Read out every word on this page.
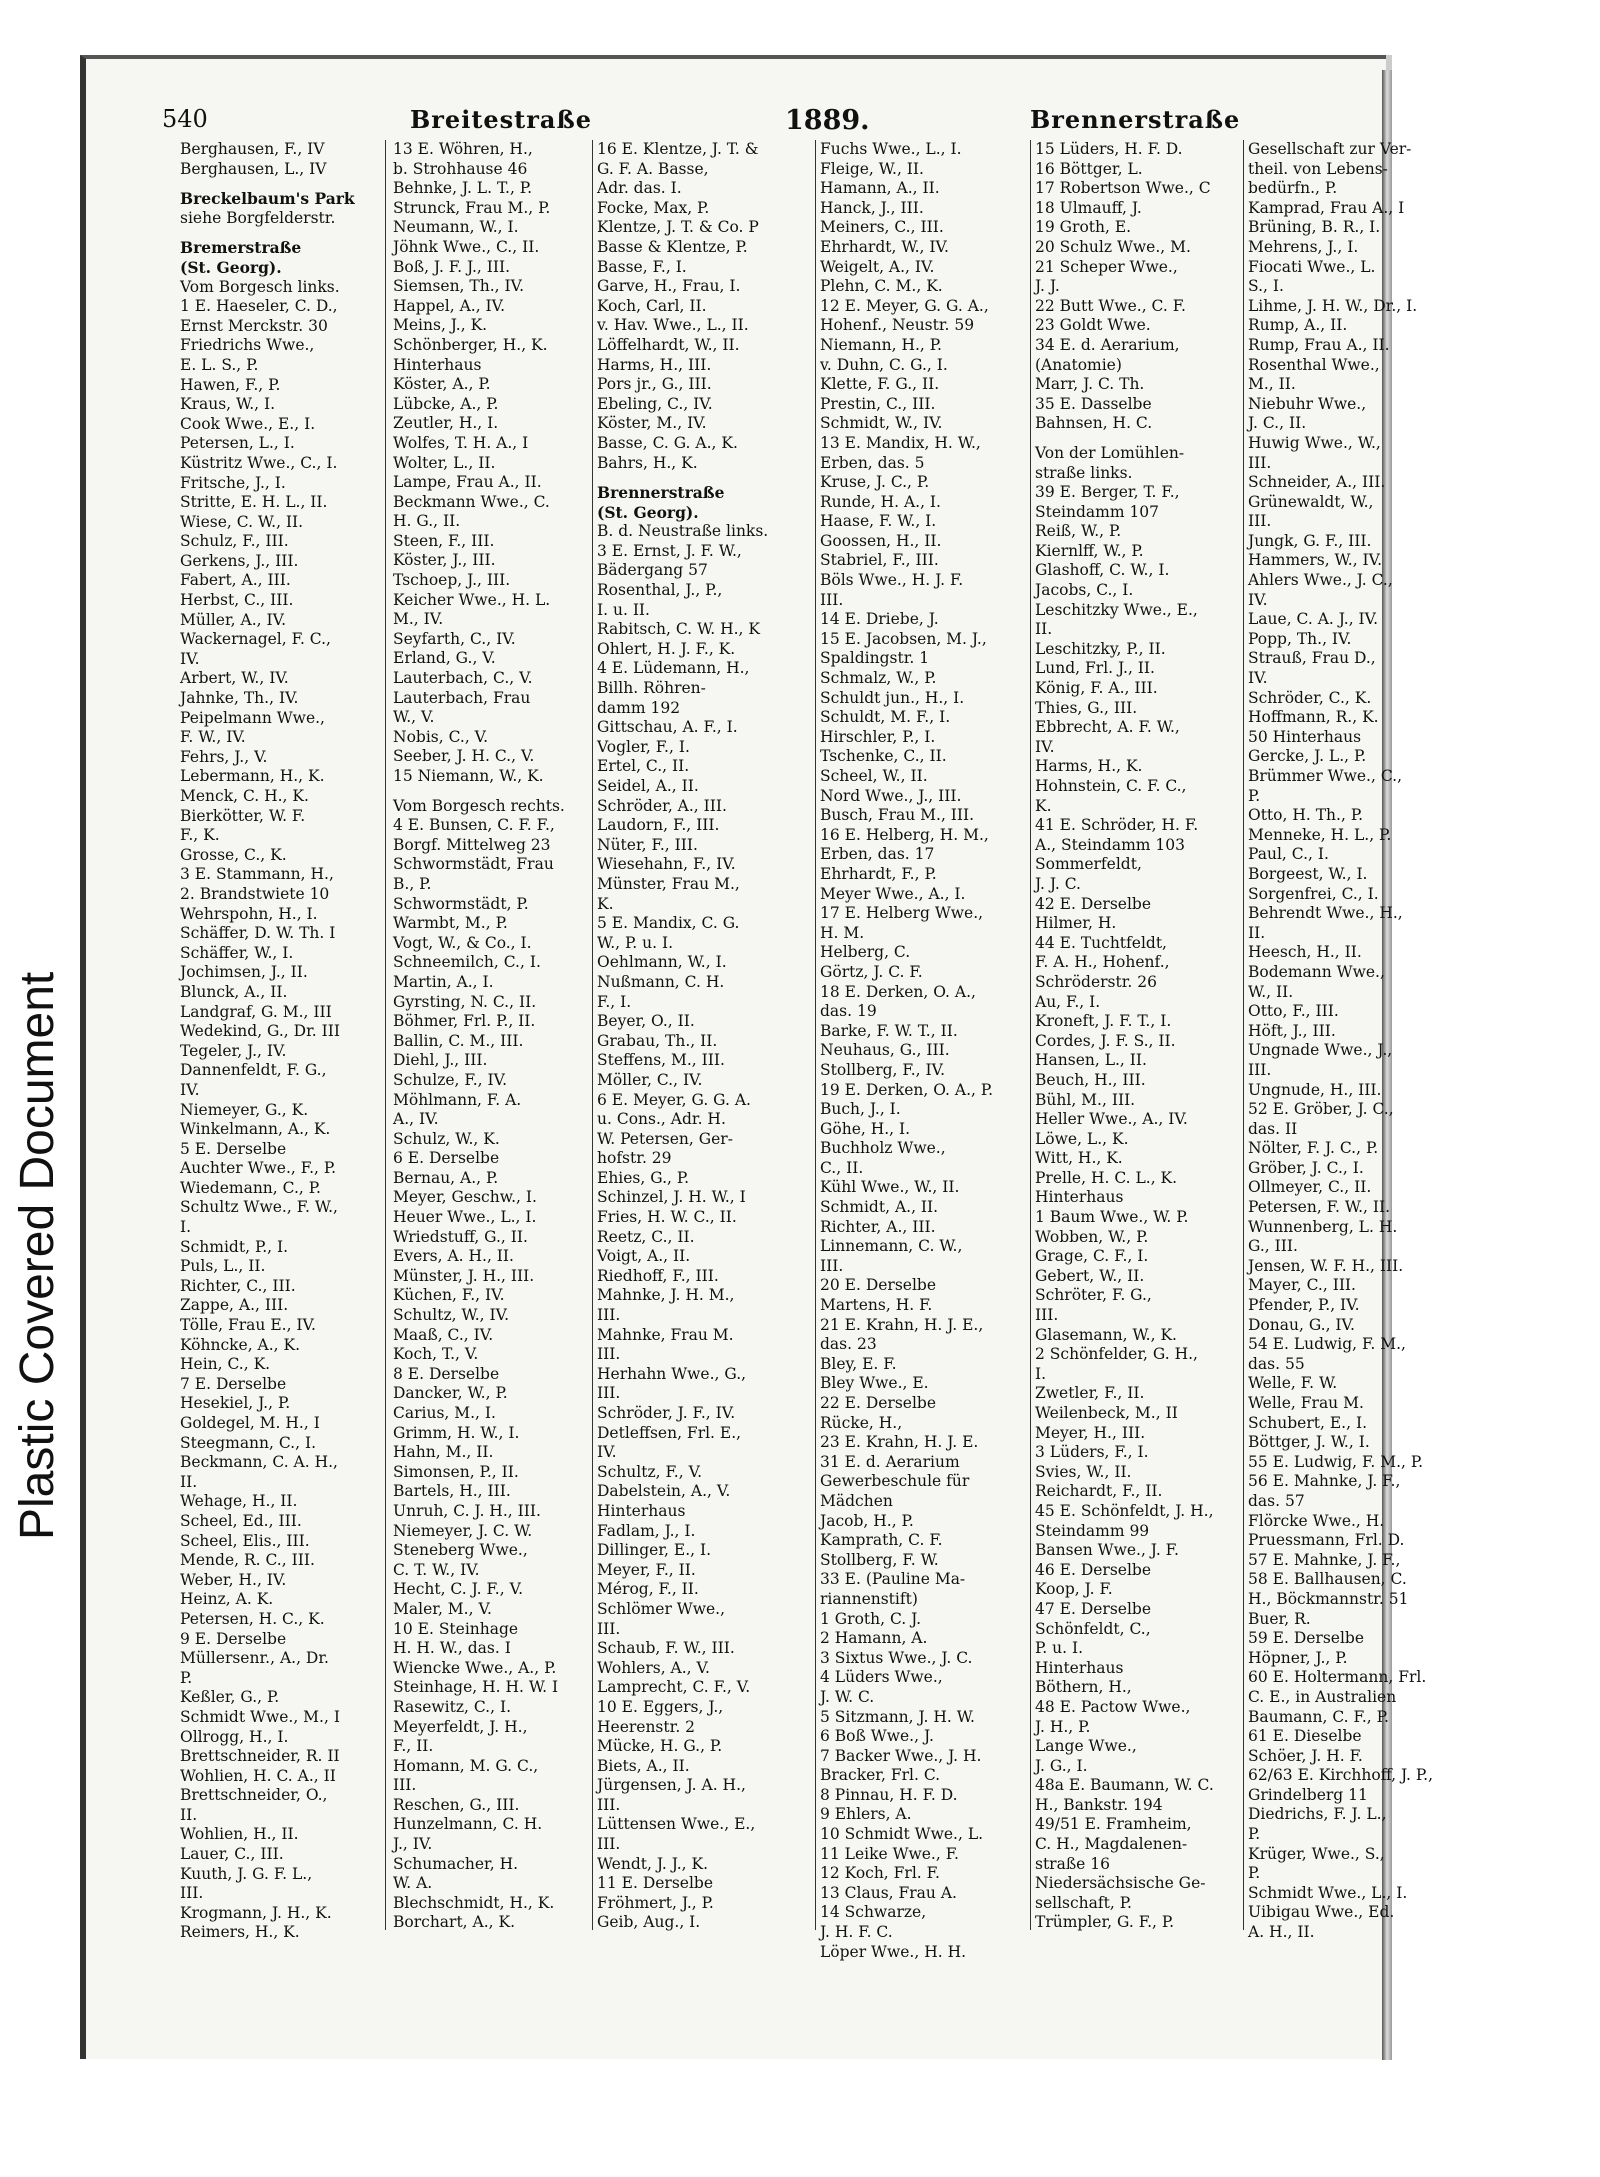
Plastic Covered Document
540	Breitestraße	1889.	Brennerstraße
Berghausen, F., IV
Berghausen, L., IV
Breckelbaum's Park
siehe Borgfelderstr.
Bremerstraße
(St. Georg).
Vom Borgesch links.
1 E. Haeseler, C. D.,
Ernst Merckstr. 30
Friedrichs Wwe.,
E. L. S., P.
Hawen, F., P.
Kraus, W., I.
Cook Wwe., E., I.
Petersen, L., I.
Küstritz Wwe., C., I.
Fritsche, J., I.
Stritte, E. H. L., II.
Wiese, C. W., II.
Schulz, F., III.
Gerkens, J., III.
Fabert, A., III.
Herbst, C., III.
Müller, A., IV.
Wackernagel, F. C.,
IV.
Arbert, W., IV.
Jahnke, Th., IV.
Peipelmann Wwe.,
F. W., IV.
Fehrs, J., V.
Lebermann, H., K.
Menck, C. H., K.
Bierkötter, W. F.
F., K.
Grosse, C., K.
3 E. Stammann, H.,
2. Brandstwiete 10
Wehrspohn, H., I.
Schäffer, D. W. Th. I
Schäffer, W., I.
Jochimsen, J., II.
Blunck, A., II.
Landgraf, G. M., III
Wedekind, G., Dr. III
Tegeler, J., IV.
Dannenfeldt, F. G.,
IV.
Niemeyer, G., K.
Winkelmann, A., K.
5 E. Derselbe
Auchter Wwe., F., P.
Wiedemann, C., P.
Schultz Wwe., F. W.,
I.
Schmidt, P., I.
Puls, L., II.
Richter, C., III.
Zappe, A., III.
Tölle, Frau E., IV.
Köhncke, A., K.
Hein, C., K.
7 E. Derselbe
Hesekiel, J., P.
Goldegel, M. H., I
Steegmann, C., I.
Beckmann, C. A. H.,
II.
Wehage, H., II.
Scheel, Ed., III.
Scheel, Elis., III.
Mende, R. C., III.
Weber, H., IV.
Heinz, A. K.
Petersen, H. C., K.
9 E. Derselbe
Müllersenr., A., Dr.
P.
Keßler, G., P.
Schmidt Wwe., M., I
Ollrogg, H., I.
Brettschneider, R. II
Wohlien, H. C. A., II
Brettschneider, O.,
II.
Wohlien, H., II.
Lauer, C., III.
Kuuth, J. G. F. L.,
III.
Krogmann, J. H., K.
Reimers, H., K.
13 E. Wöhren, H.,
b. Strohhause 46
Behnke, J. L. T., P.
Strunck, Frau M., P.
Neumann, W., I.
Jöhnk Wwe., C., II.
Boß, J. F. J., III.
Siemsen, Th., IV.
Happel, A., IV.
Meins, J., K.
Schönberger, H., K.
Hinterhaus
Köster, A., P.
Lübcke, A., P.
Zeutler, H., I.
Wolfes, T. H. A., I
Wolter, L., II.
Lampe, Frau A., II.
Beckmann Wwe., C.
H. G., II.
Steen, F., III.
Köster, J., III.
Tschoep, J., III.
Keicher Wwe., H. L.
M., IV.
Seyfarth, C., IV.
Erland, G., V.
Lauterbach, C., V.
Lauterbach, Frau
W., V.
Nobis, C., V.
Seeber, J. H. C., V.
15 Niemann, W., K.
Vom Borgesch rechts.
4 E. Bunsen, C. F. F.,
Borgf. Mittelweg 23
Schwormstädt, Frau
B., P.
Schwormstädt, P.
Warmbt, M., P.
Vogt, W., & Co., I.
Schneemilch, C., I.
Martin, A., I.
Gyrsting, N. C., II.
Böhmer, Frl. P., II.
Ballin, C. M., III.
Diehl, J., III.
Schulze, F., IV.
Möhlmann, F. A.
A., IV.
Schulz, W., K.
6 E. Derselbe
Bernau, A., P.
Meyer, Geschw., I.
Heuer Wwe., L., I.
Wriedstuff, G., II.
Evers, A. H., II.
Münster, J. H., III.
Küchen, F., IV.
Schultz, W., IV.
Maaß, C., IV.
Koch, T., V.
8 E. Derselbe
Dancker, W., P.
Carius, M., I.
Grimm, H. W., I.
Hahn, M., II.
Simonsen, P., II.
Bartels, H., III.
Unruh, C. J. H., III.
Niemeyer, J. C. W.
Steneberg Wwe.,
C. T. W., IV.
Hecht, C. J. F., V.
Maler, M., V.
10 E. Steinhage
H. H. W., das. I
Wiencke Wwe., A., P.
Steinhage, H. H. W. I
Rasewitz, C., I.
Meyerfeldt, J. H.,
F., II.
Homann, M. G. C.,
III.
Reschen, G., III.
Hunzelmann, C. H.
J., IV.
Schumacher, H.
W. A.
Blechschmidt, H., K.
Borchart, A., K.
16 E. Klentze, J. T. &
G. F. A. Basse,
Adr. das. I.
Focke, Max, P.
Klentze, J. T. & Co. P
Basse & Klentze, P.
Basse, F., I.
Garve, H., Frau, I.
Koch, Carl, II.
v. Hav. Wwe., L., II.
Löffelhardt, W., II.
Harms, H., III.
Pors jr., G., III.
Ebeling, C., IV.
Köster, M., IV.
Basse, C. G. A., K.
Bahrs, H., K.
Brennerstraße
(St. Georg).
B. d. Neustraße links.
3 E. Ernst, J. F. W.,
Bädergang 57
Rosenthal, J., P.,
I. u. II.
Rabitsch, C. W. H., K
Ohlert, H. J. F., K.
4 E. Lüdemann, H.,
Billh. Röhren-
damm 192
Gittschau, A. F., I.
Vogler, F., I.
Ertel, C., II.
Seidel, A., II.
Schröder, A., III.
Laudorn, F., III.
Nüter, F., III.
Wiesehahn, F., IV.
Münster, Frau M.,
K.
5 E. Mandix, C. G.
W., P. u. I.
Oehlmann, W., I.
Nußmann, C. H.
F., I.
Beyer, O., II.
Grabau, Th., II.
Steffens, M., III.
Möller, C., IV.
6 E. Meyer, G. G. A.
u. Cons., Adr. H.
W. Petersen, Ger-
hofstr. 29
Ehies, G., P.
Schinzel, J. H. W., I
Fries, H. W. C., II.
Reetz, C., II.
Voigt, A., II.
Riedhoff, F., III.
Mahnke, J. H. M.,
III.
Mahnke, Frau M.
III.
Herhahn Wwe., G.,
III.
Schröder, J. F., IV.
Detleffsen, Frl. E.,
IV.
Schultz, F., V.
Dabelstein, A., V.
Hinterhaus
Fadlam, J., I.
Dillinger, E., I.
Meyer, F., II.
Mérog, F., II.
Schlömer Wwe.,
III.
Schaub, F. W., III.
Wohlers, A., V.
Lamprecht, C. F., V.
10 E. Eggers, J.,
Heerenstr. 2
Mücke, H. G., P.
Biets, A., II.
Jürgensen, J. A. H.,
III.
Lüttensen Wwe., E.,
III.
Wendt, J. J., K.
11 E. Derselbe
Fröhmert, J., P.
Geib, Aug., I.
Fuchs Wwe., L., I.
Fleige, W., II.
Hamann, A., II.
Hanck, J., III.
Meiners, C., III.
Ehrhardt, W., IV.
Weigelt, A., IV.
Plehn, C. M., K.
12 E. Meyer, G. G. A.,
Hohenf., Neustr. 59
Niemann, H., P.
v. Duhn, C. G., I.
Klette, F. G., II.
Prestin, C., III.
Schmidt, W., IV.
13 E. Mandix, H. W.,
Erben, das. 5
Kruse, J. C., P.
Runde, H. A., I.
Haase, F. W., I.
Goossen, H., II.
Stabriel, F., III.
Böls Wwe., H. J. F.
III.
14 E. Driebe, J.
15 E. Jacobsen, M. J.,
Spaldingstr. 1
Schmalz, W., P.
Schuldt jun., H., I.
Schuldt, M. F., I.
Hirschler, P., I.
Tschenke, C., II.
Scheel, W., II.
Nord Wwe., J., III.
Busch, Frau M., III.
16 E. Helberg, H. M.,
Erben, das. 17
Ehrhardt, F., P.
Meyer Wwe., A., I.
17 E. Helberg Wwe.,
H. M.
Helberg, C.
Görtz, J. C. F.
18 E. Derken, O. A.,
das. 19
Barke, F. W. T., II.
Neuhaus, G., III.
Stollberg, F., IV.
19 E. Derken, O. A., P.
Buch, J., I.
Göhe, H., I.
Buchholz Wwe.,
C., II.
Kühl Wwe., W., II.
Schmidt, A., II.
Richter, A., III.
Linnemann, C. W.,
III.
20 E. Derselbe
Martens, H. F.
21 E. Krahn, H. J. E.,
das. 23
Bley, E. F.
Bley Wwe., E.
22 E. Derselbe
Rücke, H.,
23 E. Krahn, H. J. E.
31 E. d. Aerarium
Gewerbeschule für
Mädchen
Jacob, H., P.
Kamprath, C. F.
Stollberg, F. W.
33 E. (Pauline Ma-
riannenstift)
1 Groth, C. J.
2 Hamann, A.
3 Sixtus Wwe., J. C.
4 Lüders Wwe.,
J. W. C.
5 Sitzmann, J. H. W.
6 Boß Wwe., J.
7 Backer Wwe., J. H.
Bracker, Frl. C.
8 Pinnau, H. F. D.
9 Ehlers, A.
10 Schmidt Wwe., L.
11 Leike Wwe., F.
12 Koch, Frl. F.
13 Claus, Frau A.
14 Schwarze,
J. H. F. C.
Löper Wwe., H. H.
15 Lüders, H. F. D.
16 Böttger, L.
17 Robertson Wwe., C
18 Ulmauff, J.
19 Groth, E.
20 Schulz Wwe., M.
21 Scheper Wwe.,
J. J.
22 Butt Wwe., C. F.
23 Goldt Wwe.
34 E. d. Aerarium,
(Anatomie)
Marr, J. C. Th.
35 E. Dasselbe
Bahnsen, H. C.
Von der Lomühlen-
straße links.
39 E. Berger, T. F.,
Steindamm 107
Reiß, W., P.
Kiernlff, W., P.
Glashoff, C. W., I.
Jacobs, C., I.
Leschitzky Wwe., E.,
II.
Leschitzky, P., II.
Lund, Frl. J., II.
König, F. A., III.
Thies, G., III.
Ebbrecht, A. F. W.,
IV.
Harms, H., K.
Hohnstein, C. F. C.,
K.
41 E. Schröder, H. F.
A., Steindamm 103
Sommerfeldt,
J. J. C.
42 E. Derselbe
Hilmer, H.
44 E. Tuchtfeldt,
F. A. H., Hohenf.,
Schröderstr. 26
Au, F., I.
Kroneft, J. F. T., I.
Cordes, J. F. S., II.
Hansen, L., II.
Beuch, H., III.
Bühl, M., III.
Heller Wwe., A., IV.
Löwe, L., K.
Witt, H., K.
Prelle, H. C. L., K.
Hinterhaus
1 Baum Wwe., W. P.
Wobben, W., P.
Grage, C. F., I.
Gebert, W., II.
Schröter, F. G.,
III.
Glasemann, W., K.
2 Schönfelder, G. H.,
I.
Zwetler, F., II.
Weilenbeck, M., II
Meyer, H., III.
3 Lüders, F., I.
Svies, W., II.
Reichardt, F., II.
45 E. Schönfeldt, J. H.,
Steindamm 99
Bansen Wwe., J. F.
46 E. Derselbe
Koop, J. F.
47 E. Derselbe
Schönfeldt, C.,
P. u. I.
Hinterhaus
Böthern, H.,
48 E. Pactow Wwe.,
J. H., P.
Lange Wwe.,
J. G., I.
48a E. Baumann, W. C.
H., Bankstr. 194
49/51 E. Framheim,
C. H., Magdalenen-
straße 16
Niedersächsische Ge-
sellschaft, P.
Trümpler, G. F., P.
Gesellschaft zur Ver-
theil. von Lebens-
bedürfn., P.
Kamprad, Frau A., I
Brüning, B. R., I.
Mehrens, J., I.
Fiocati Wwe., L.
S., I.
Lihme, J. H. W., Dr., I.
Rump, A., II.
Rump, Frau A., II.
Rosenthal Wwe.,
M., II.
Niebuhr Wwe.,
J. C., II.
Huwig Wwe., W.,
III.
Schneider, A., III.
Grünewaldt, W.,
III.
Jungk, G. F., III.
Hammers, W., IV.
Ahlers Wwe., J. C.,
IV.
Laue, C. A. J., IV.
Popp, Th., IV.
Strauß, Frau D.,
IV.
Schröder, C., K.
Hoffmann, R., K.
50 Hinterhaus
Gercke, J. L., P.
Brümmer Wwe., C.,
P.
Otto, H. Th., P.
Menneke, H. L., P.
Paul, C., I.
Borgeest, W., I.
Sorgenfrei, C., I.
Behrendt Wwe., H.,
II.
Heesch, H., II.
Bodemann Wwe.,
W., II.
Otto, F., III.
Höft, J., III.
Ungnade Wwe., J.,
III.
Ungnude, H., III.
52 E. Gröber, J. C.,
das. II
Nölter, F. J. C., P.
Gröber, J. C., I.
Ollmeyer, C., II.
Petersen, F. W., II.
Wunnenberg, L. H.
G., III.
Jensen, W. F. H., III.
Mayer, C., III.
Pfender, P., IV.
Donau, G., IV.
54 E. Ludwig, F. M.,
das. 55
Welle, F. W.
Welle, Frau M.
Schubert, E., I.
Böttger, J. W., I.
55 E. Ludwig, F. M., P.
56 E. Mahnke, J. F.,
das. 57
Flörcke Wwe., H.
Pruessmann, Frl. D.
57 E. Mahnke, J. F.,
58 E. Ballhausen, C.
H., Böckmannstr. 51
Buer, R.
59 E. Derselbe
Höpner, J., P.
60 E. Holtermann, Frl.
C. E., in Australien
Baumann, C. F., P.
61 E. Dieselbe
Schöer, J. H. F.
62/63 E. Kirchhoff, J. P.,
Grindelberg 11
Diedrichs, F. J. L.,
P.
Krüger, Wwe., S.,
P.
Schmidt Wwe., L., I.
Uibigau Wwe., Ed.
A. H., II.
